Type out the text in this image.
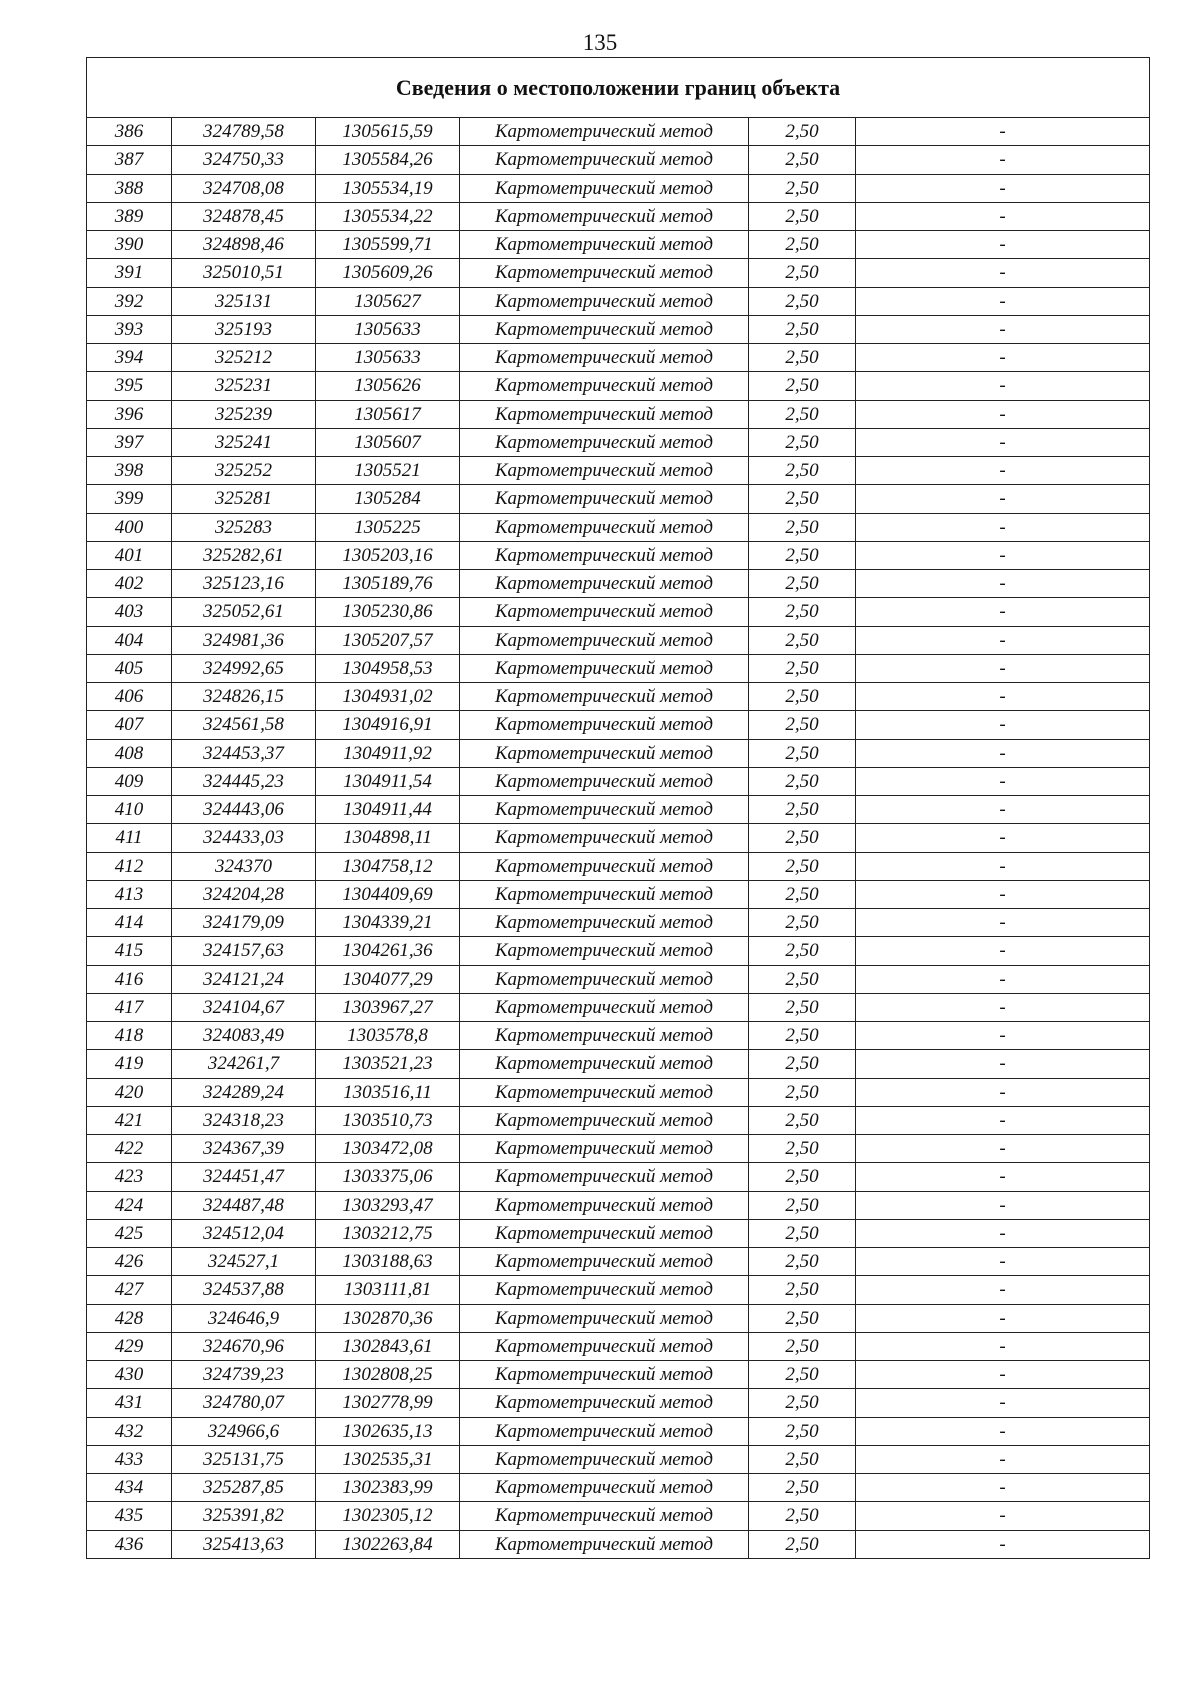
135
Сведения о местоположении границ объекта					
386	324789,58	1305615,59	Картометрический метод	2,50	-
387	324750,33	1305584,26	Картометрический метод	2,50	-
388	324708,08	1305534,19	Картометрический метод	2,50	-
389	324878,45	1305534,22	Картометрический метод	2,50	-
390	324898,46	1305599,71	Картометрический метод	2,50	-
391	325010,51	1305609,26	Картометрический метод	2,50	-
392	325131	1305627	Картометрический метод	2,50	-
393	325193	1305633	Картометрический метод	2,50	-
394	325212	1305633	Картометрический метод	2,50	-
395	325231	1305626	Картометрический метод	2,50	-
396	325239	1305617	Картометрический метод	2,50	-
397	325241	1305607	Картометрический метод	2,50	-
398	325252	1305521	Картометрический метод	2,50	-
399	325281	1305284	Картометрический метод	2,50	-
400	325283	1305225	Картометрический метод	2,50	-
401	325282,61	1305203,16	Картометрический метод	2,50	-
402	325123,16	1305189,76	Картометрический метод	2,50	-
403	325052,61	1305230,86	Картометрический метод	2,50	-
404	324981,36	1305207,57	Картометрический метод	2,50	-
405	324992,65	1304958,53	Картометрический метод	2,50	-
406	324826,15	1304931,02	Картометрический метод	2,50	-
407	324561,58	1304916,91	Картометрический метод	2,50	-
408	324453,37	1304911,92	Картометрический метод	2,50	-
409	324445,23	1304911,54	Картометрический метод	2,50	-
410	324443,06	1304911,44	Картометрический метод	2,50	-
411	324433,03	1304898,11	Картометрический метод	2,50	-
412	324370	1304758,12	Картометрический метод	2,50	-
413	324204,28	1304409,69	Картометрический метод	2,50	-
414	324179,09	1304339,21	Картометрический метод	2,50	-
415	324157,63	1304261,36	Картометрический метод	2,50	-
416	324121,24	1304077,29	Картометрический метод	2,50	-
417	324104,67	1303967,27	Картометрический метод	2,50	-
418	324083,49	1303578,8	Картометрический метод	2,50	-
419	324261,7	1303521,23	Картометрический метод	2,50	-
420	324289,24	1303516,11	Картометрический метод	2,50	-
421	324318,23	1303510,73	Картометрический метод	2,50	-
422	324367,39	1303472,08	Картометрический метод	2,50	-
423	324451,47	1303375,06	Картометрический метод	2,50	-
424	324487,48	1303293,47	Картометрический метод	2,50	-
425	324512,04	1303212,75	Картометрический метод	2,50	-
426	324527,1	1303188,63	Картометрический метод	2,50	-
427	324537,88	1303111,81	Картометрический метод	2,50	-
428	324646,9	1302870,36	Картометрический метод	2,50	-
429	324670,96	1302843,61	Картометрический метод	2,50	-
430	324739,23	1302808,25	Картометрический метод	2,50	-
431	324780,07	1302778,99	Картометрический метод	2,50	-
432	324966,6	1302635,13	Картометрический метод	2,50	-
433	325131,75	1302535,31	Картометрический метод	2,50	-
434	325287,85	1302383,99	Картометрический метод	2,50	-
435	325391,82	1302305,12	Картометрический метод	2,50	-
436	325413,63	1302263,84	Картометрический метод	2,50	-
